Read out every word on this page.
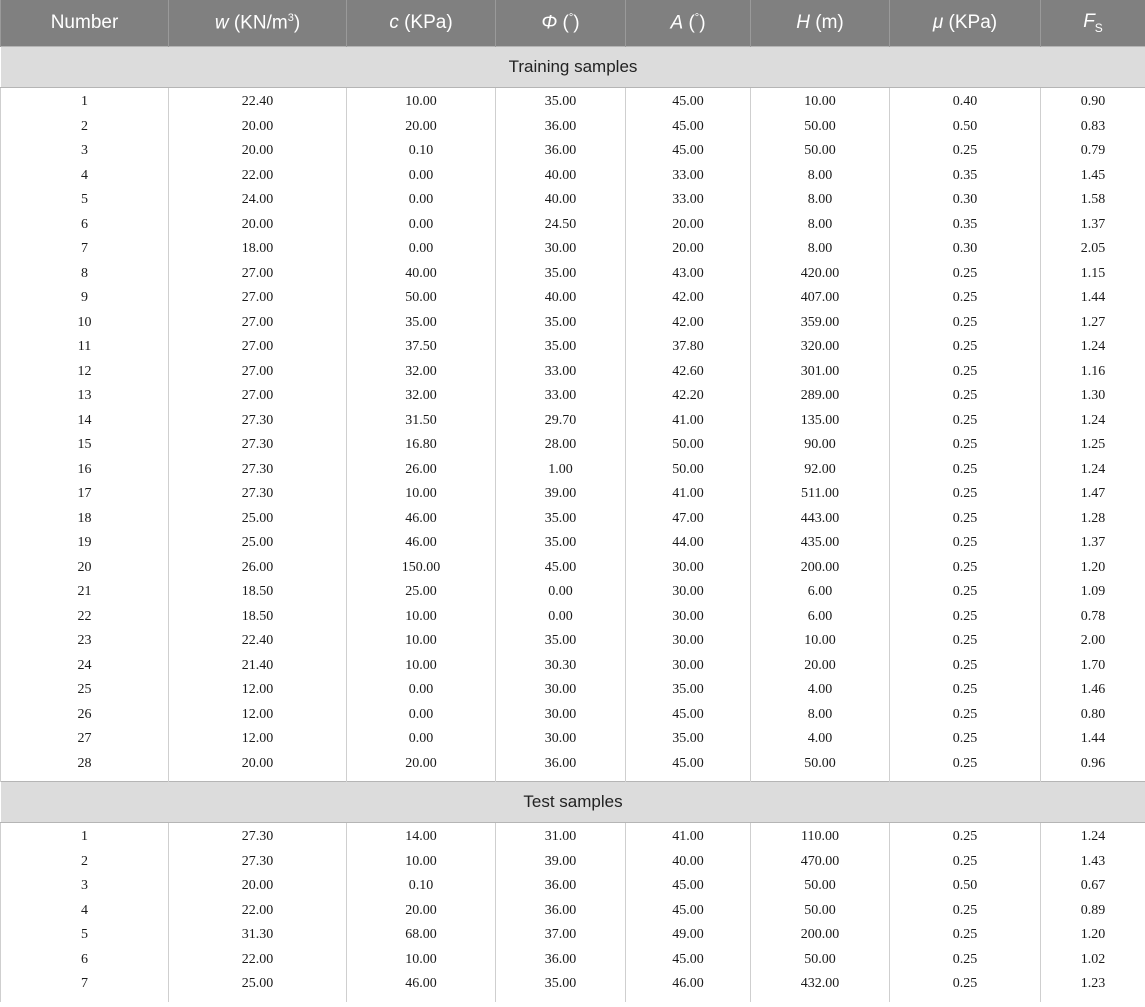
Number	w $(KN/m^3)$	c (KPa)	Φ (°)	A (°)	H (m)	μ (KPa)	$F_S$
Training samples							
1	22.40	10.00	35.00	45.00	10.00	0.40	0.90
2	20.00	20.00	36.00	45.00	50.00	0.50	0.83
3	20.00	0.10	36.00	45.00	50.00	0.25	0.79
4	22.00	0.00	40.00	33.00	8.00	0.35	1.45
5	24.00	0.00	40.00	33.00	8.00	0.30	1.58
6	20.00	0.00	24.50	20.00	8.00	0.35	1.37
7	18.00	0.00	30.00	20.00	8.00	0.30	2.05
8	27.00	40.00	35.00	43.00	420.00	0.25	1.15
9	27.00	50.00	40.00	42.00	407.00	0.25	1.44
10	27.00	35.00	35.00	42.00	359.00	0.25	1.27
11	27.00	37.50	35.00	37.80	320.00	0.25	1.24
12	27.00	32.00	33.00	42.60	301.00	0.25	1.16
13	27.00	32.00	33.00	42.20	289.00	0.25	1.30
14	27.30	31.50	29.70	41.00	135.00	0.25	1.24
15	27.30	16.80	28.00	50.00	90.00	0.25	1.25
16	27.30	26.00	1.00	50.00	92.00	0.25	1.24
17	27.30	10.00	39.00	41.00	511.00	0.25	1.47
18	25.00	46.00	35.00	47.00	443.00	0.25	1.28
19	25.00	46.00	35.00	44.00	435.00	0.25	1.37
20	26.00	150.00	45.00	30.00	200.00	0.25	1.20
21	18.50	25.00	0.00	30.00	6.00	0.25	1.09
22	18.50	10.00	0.00	30.00	6.00	0.25	0.78
23	22.40	10.00	35.00	30.00	10.00	0.25	2.00
24	21.40	10.00	30.30	30.00	20.00	0.25	1.70
25	12.00	0.00	30.00	35.00	4.00	0.25	1.46
26	12.00	0.00	30.00	45.00	8.00	0.25	0.80
27	12.00	0.00	30.00	35.00	4.00	0.25	1.44
28	20.00	20.00	36.00	45.00	50.00	0.25	0.96
Test samples							
1	27.30	14.00	31.00	41.00	110.00	0.25	1.24
2	27.30	10.00	39.00	40.00	470.00	0.25	1.43
3	20.00	0.10	36.00	45.00	50.00	0.50	0.67
4	22.00	20.00	36.00	45.00	50.00	0.25	0.89
5	31.30	68.00	37.00	49.00	200.00	0.25	1.20
6	22.00	10.00	36.00	45.00	50.00	0.25	1.02
7	25.00	46.00	35.00	46.00	432.00	0.25	1.23
